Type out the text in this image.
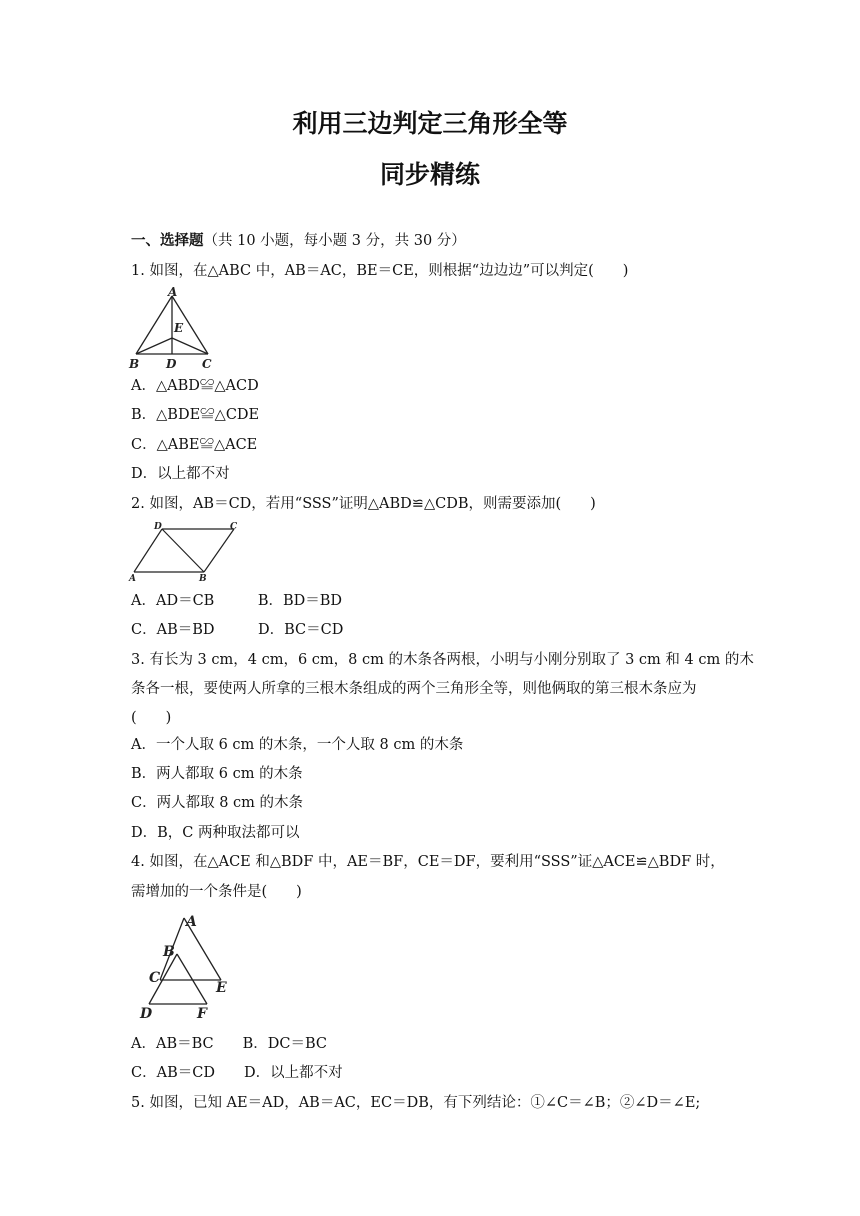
利用三边判定三角形全等
同步精练
一、选择题（共 10 小题，每小题 3 分，共 30 分）
1. 如图，在△ABC 中，AB＝AC，BE＝CE，则根据“边边边”可以判定(　　)
A
E
B D C
A．△ABD≌△ACD
B．△BDE≌△CDE
C．△ABE≌△ACE
D．以上都不对
2. 如图，AB＝CD，若用“SSS”证明△ABD≌△CDB，则需要添加(　　)
D	C
A	B
A．AD＝CB　　　B．BD＝BD
C．AB＝BD　　　D．BC＝CD
3. 有长为 3 cm，4 cm，6 cm，8 cm 的木条各两根，小明与小刚分别取了 3 cm 和 4 cm 的木
条各一根，要使两人所拿的三根木条组成的两个三角形全等，则他俩取的第三根木条应为
(　　)
A．一个人取 6 cm 的木条，一个人取 8 cm 的木条
B．两人都取 6 cm 的木条
C．两人都取 8 cm 的木条
D．B，C 两种取法都可以
4. 如图，在△ACE 和△BDF 中，AE＝BF，CE＝DF，要利用“SSS”证△ACE≌△BDF 时，
需增加的一个条件是(　　)
A
B
C
E
D	F
A．AB＝BC　　B．DC＝BC
C．AB＝CD　　D．以上都不对
5. 如图，已知 AE＝AD，AB＝AC，EC＝DB，有下列结论：①∠C＝∠B；②∠D＝∠E;
